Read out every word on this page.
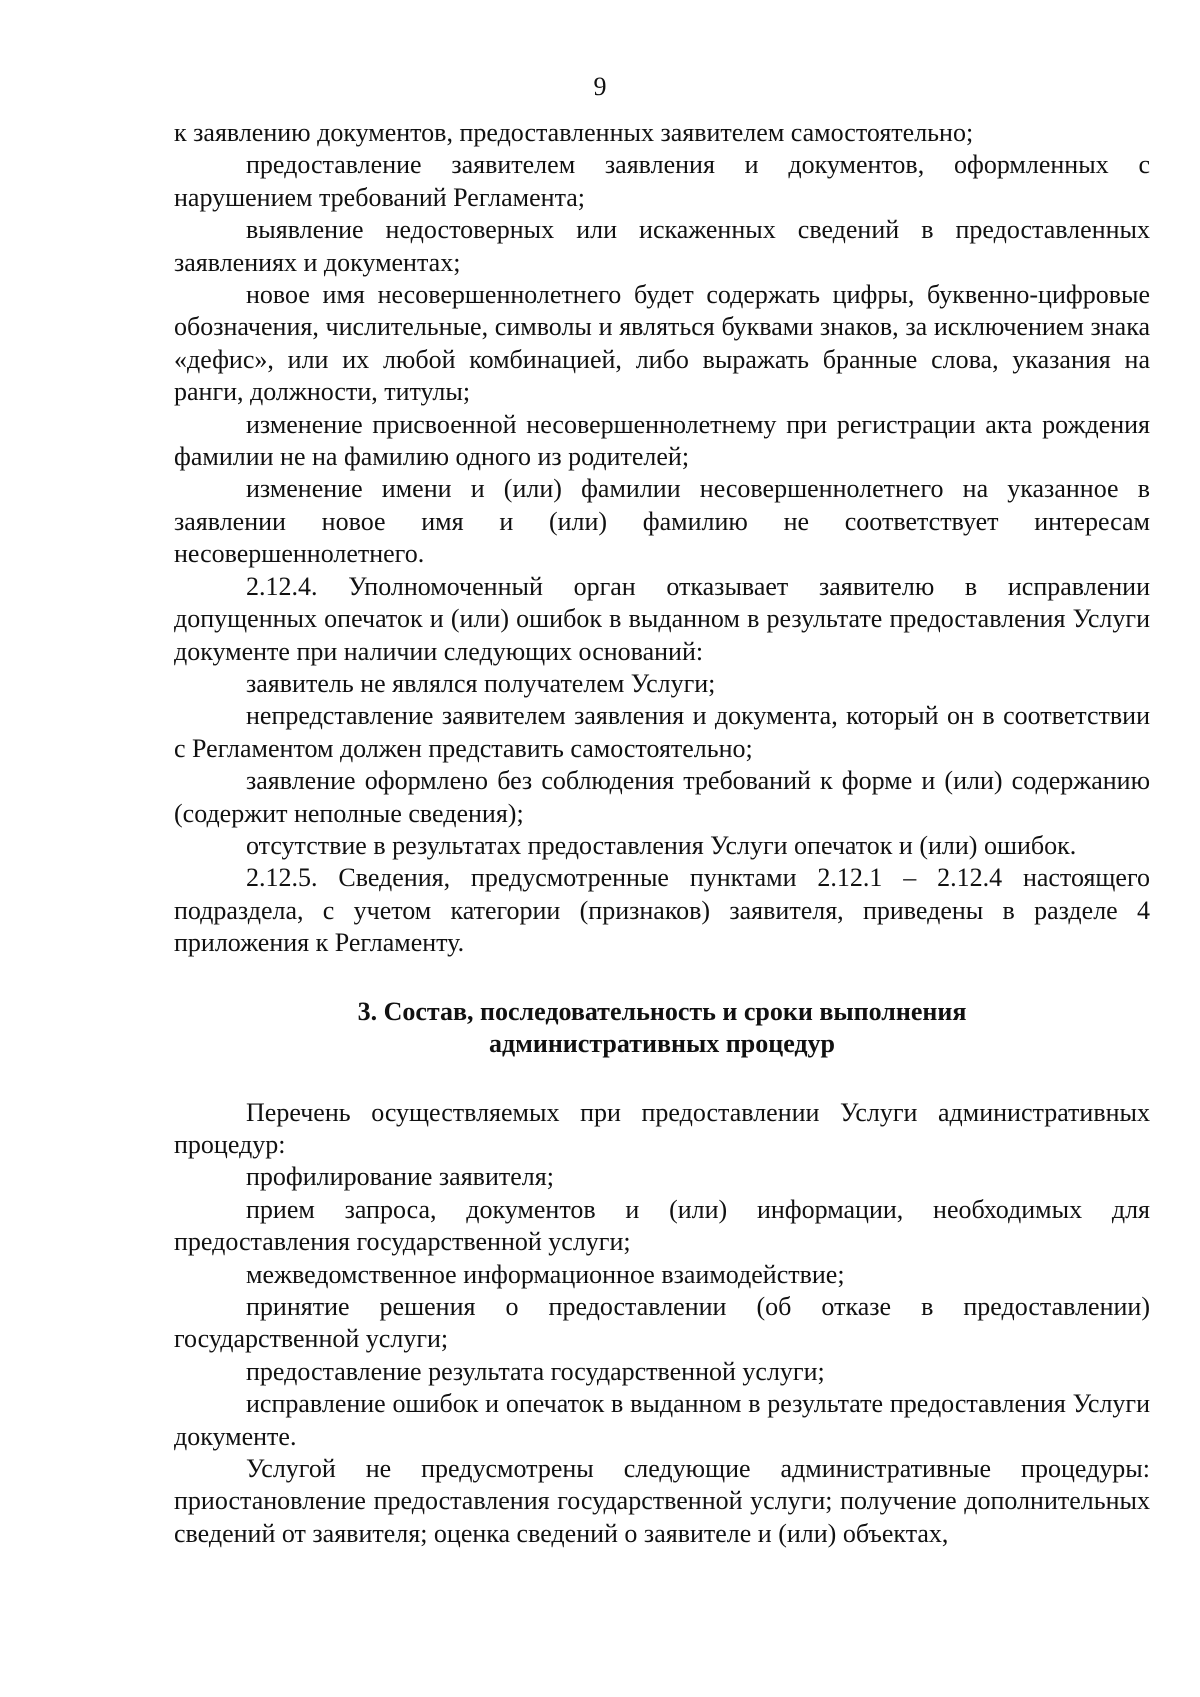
9

к заявлению документов, предоставленных заявителем самостоятельно;

предоставление заявителем заявления и документов, оформленных с нарушением требований Регламента;

выявление недостоверных или искаженных сведений в предоставленных заявлениях и документах;

новое имя несовершеннолетнего будет содержать цифры, буквенно-цифровые обозначения, числительные, символы и являться буквами знаков, за исключением знака «дефис», или их любой комбинацией, либо выражать бранные слова, указания на ранги, должности, титулы;

изменение присвоенной несовершеннолетнему при регистрации акта рождения фамилии не на фамилию одного из родителей;

изменение имени и (или) фамилии несовершеннолетнего на указанное в заявлении новое имя и (или) фамилию не соответствует интересам несовершеннолетнего.

2.12.4. Уполномоченный орган отказывает заявителю в исправлении допущенных опечаток и (или) ошибок в выданном в результате предоставления Услуги документе при наличии следующих оснований:

заявитель не являлся получателем Услуги;

непредставление заявителем заявления и документа, который он в соответствии с Регламентом должен представить самостоятельно;

заявление оформлено без соблюдения требований к форме и (или) содержанию (содержит неполные сведения);

отсутствие в результатах предоставления Услуги опечаток и (или) ошибок.

2.12.5. Сведения, предусмотренные пунктами 2.12.1 – 2.12.4 настоящего подраздела, с учетом категории (признаков) заявителя, приведены в разделе 4 приложения к Регламенту.

3. Состав, последовательность и сроки выполнения
административных процедур

Перечень осуществляемых при предоставлении Услуги административных процедур:

профилирование заявителя;

прием запроса, документов и (или) информации, необходимых для предоставления государственной услуги;

межведомственное информационное взаимодействие;

принятие решения о предоставлении (об отказе в предоставлении) государственной услуги;

предоставление результата государственной услуги;

исправление ошибок и опечаток в выданном в результате предоставления Услуги документе.

Услугой не предусмотрены следующие административные процедуры: приостановление предоставления государственной услуги; получение дополнительных сведений от заявителя; оценка сведений о заявителе и (или) объектах,
